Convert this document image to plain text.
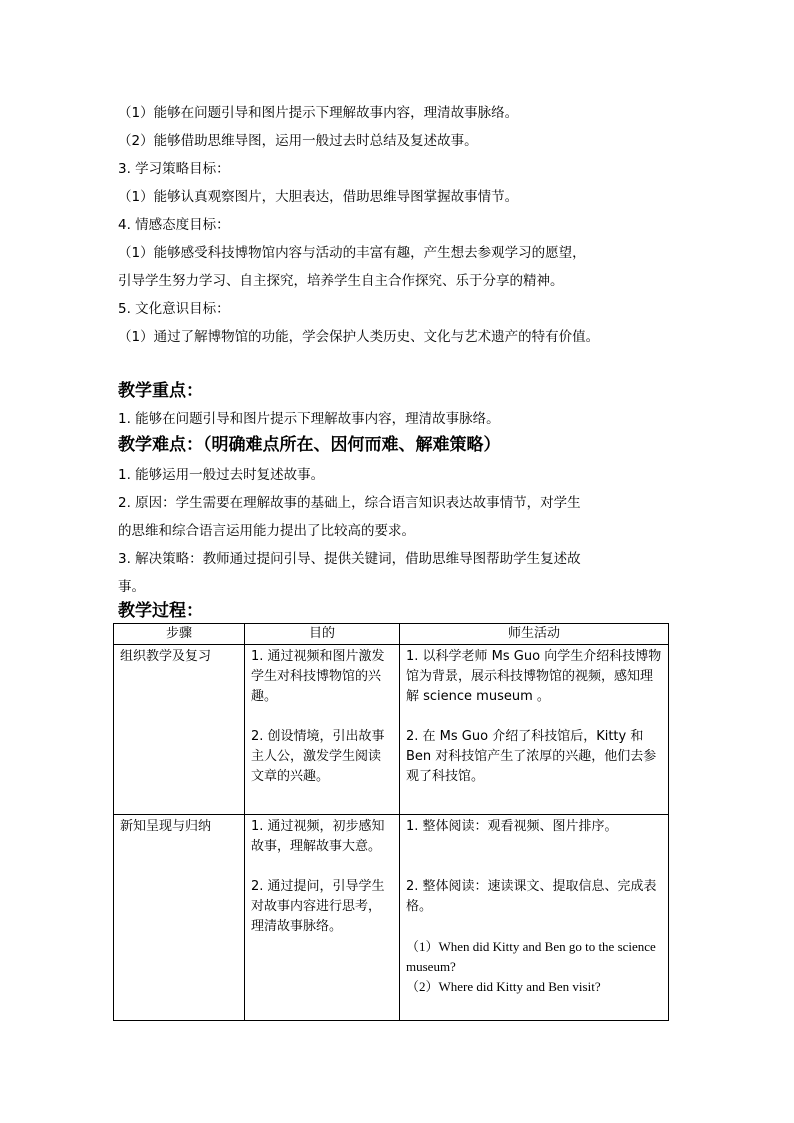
（1）能够在问题引导和图片提示下理解故事内容，理清故事脉络。
（2）能够借助思维导图，运用一般过去时总结及复述故事。
3. 学习策略目标：
（1）能够认真观察图片，大胆表达，借助思维导图掌握故事情节。
4. 情感态度目标：
（1）能够感受科技博物馆内容与活动的丰富有趣，产生想去参观学习的愿望，
引导学生努力学习、自主探究，培养学生自主合作探究、乐于分享的精神。
5. 文化意识目标：
（1）通过了解博物馆的功能，学会保护人类历史、文化与艺术遗产的特有价值。
教学重点：
1. 能够在问题引导和图片提示下理解故事内容，理清故事脉络。
教学难点：（明确难点所在、因何而难、解难策略）
1. 能够运用一般过去时复述故事。
2. 原因：学生需要在理解故事的基础上，综合语言知识表达故事情节，对学生
的思维和综合语言运用能力提出了比较高的要求。
3. 解决策略：教师通过提问引导、提供关键词，借助思维导图帮助学生复述故
事。
教学过程：
步骤	目的	师生活动
组织教学及复习	1. 通过视频和图片激发学生对科技博物馆的兴趣。
2. 创设情境，引出故事主人公，激发学生阅读文章的兴趣。	1. 以科学老师 Ms Guo 向学生介绍科技博物馆为背景，展示科技博物馆的视频，感知理解 science museum 。
2. 在 Ms Guo 介绍了科技馆后，Kitty 和 Ben 对科技馆产生了浓厚的兴趣，他们去参观了科技馆。

新知呈现与归纳	1. 通过视频，初步感知故事，理解故事大意。
2. 通过提问，引导学生对故事内容进行思考，理清故事脉络。	1. 整体阅读：观看视频、图片排序。
2. 整体阅读：速读课文、提取信息、完成表格。
（1）When did Kitty and Ben go to the science museum?
（2）Where did Kitty and Ben visit?
